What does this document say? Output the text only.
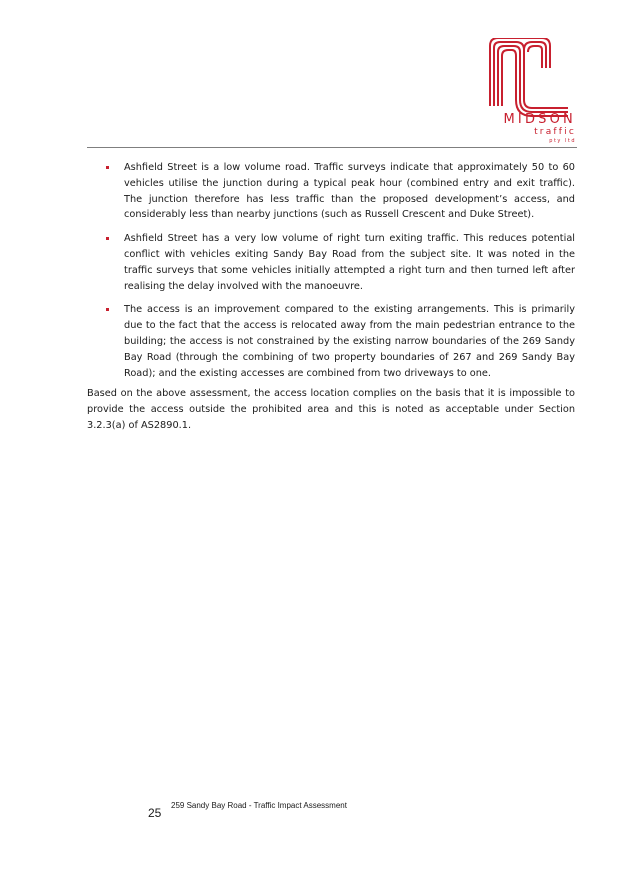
MIDSON
traffic
pty ltd
Ashfield Street is a low volume road. Traffic surveys indicate that approximately 50 to 60 vehicles utilise the junction during a typical peak hour (combined entry and exit traffic). The junction therefore has less traffic than the proposed development’s access, and considerably less than nearby junctions (such as Russell Crescent and Duke Street).
Ashfield Street has a very low volume of right turn exiting traffic. This reduces potential conflict with vehicles exiting Sandy Bay Road from the subject site. It was noted in the traffic surveys that some vehicles initially attempted a right turn and then turned left after realising the delay involved with the manoeuvre.
The access is an improvement compared to the existing arrangements. This is primarily due to the fact that the access is relocated away from the main pedestrian entrance to the building; the access is not constrained by the existing narrow boundaries of the 269 Sandy Bay Road (through the combining of two property boundaries of 267 and 269 Sandy Bay Road); and the existing accesses are combined from two driveways to one.

Based on the above assessment, the access location complies on the basis that it is impossible to provide the access outside the prohibited area and this is noted as acceptable under Section 3.2.3(a) of AS2890.1.

25
259 Sandy Bay Road - Traffic Impact Assessment
